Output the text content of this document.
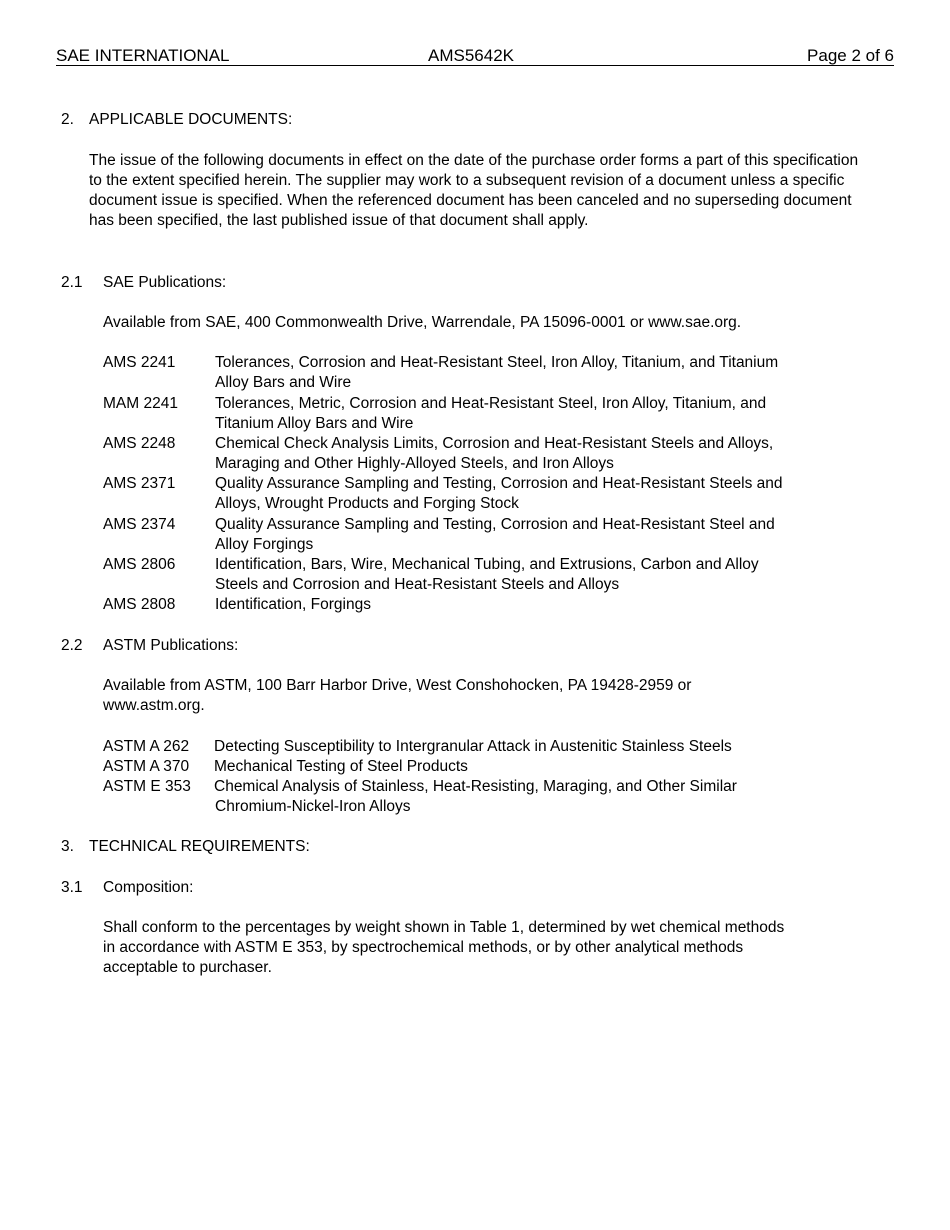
SAE INTERNATIONAL	AMS5642K	Page 2 of 6
2. APPLICABLE DOCUMENTS:
The issue of the following documents in effect on the date of the purchase order forms a part of this specification to the extent specified herein. The supplier may work to a subsequent revision of a document unless a specific document issue is specified. When the referenced document has been canceled and no superseding document has been specified, the last published issue of that document shall apply.
2.1 SAE Publications:
Available from SAE, 400 Commonwealth Drive, Warrendale, PA 15096-0001 or www.sae.org.
AMS 2241	Tolerances, Corrosion and Heat-Resistant Steel, Iron Alloy, Titanium, and Titanium
Alloy Bars and Wire
MAM 2241 Tolerances, Metric, Corrosion and Heat-Resistant Steel, Iron Alloy, Titanium, and
Titanium Alloy Bars and Wire
AMS 2248	Chemical Check Analysis Limits, Corrosion and Heat-Resistant Steels and Alloys,
Maraging and Other Highly-Alloyed Steels, and Iron Alloys
AMS 2371	Quality Assurance Sampling and Testing, Corrosion and Heat-Resistant Steels and
Alloys, Wrought Products and Forging Stock
AMS 2374	Quality Assurance Sampling and Testing, Corrosion and Heat-Resistant Steel and
Alloy Forgings
AMS 2806	Identification, Bars, Wire, Mechanical Tubing, and Extrusions, Carbon and Alloy
Steels and Corrosion and Heat-Resistant Steels and Alloys
AMS 2808	Identification, Forgings
2.2 ASTM Publications:
Available from ASTM, 100 Barr Harbor Drive, West Conshohocken, PA 19428-2959 or
www.astm.org.
ASTM A 262 Detecting Susceptibility to Intergranular Attack in Austenitic Stainless Steels
ASTM A 370 Mechanical Testing of Steel Products
ASTM E 353 Chemical Analysis of Stainless, Heat-Resisting, Maraging, and Other Similar
Chromium-Nickel-Iron Alloys
3. TECHNICAL REQUIREMENTS:
3.1 Composition:
Shall conform to the percentages by weight shown in Table 1, determined by wet chemical methods
in accordance with ASTM E 353, by spectrochemical methods, or by other analytical methods
acceptable to purchaser.
